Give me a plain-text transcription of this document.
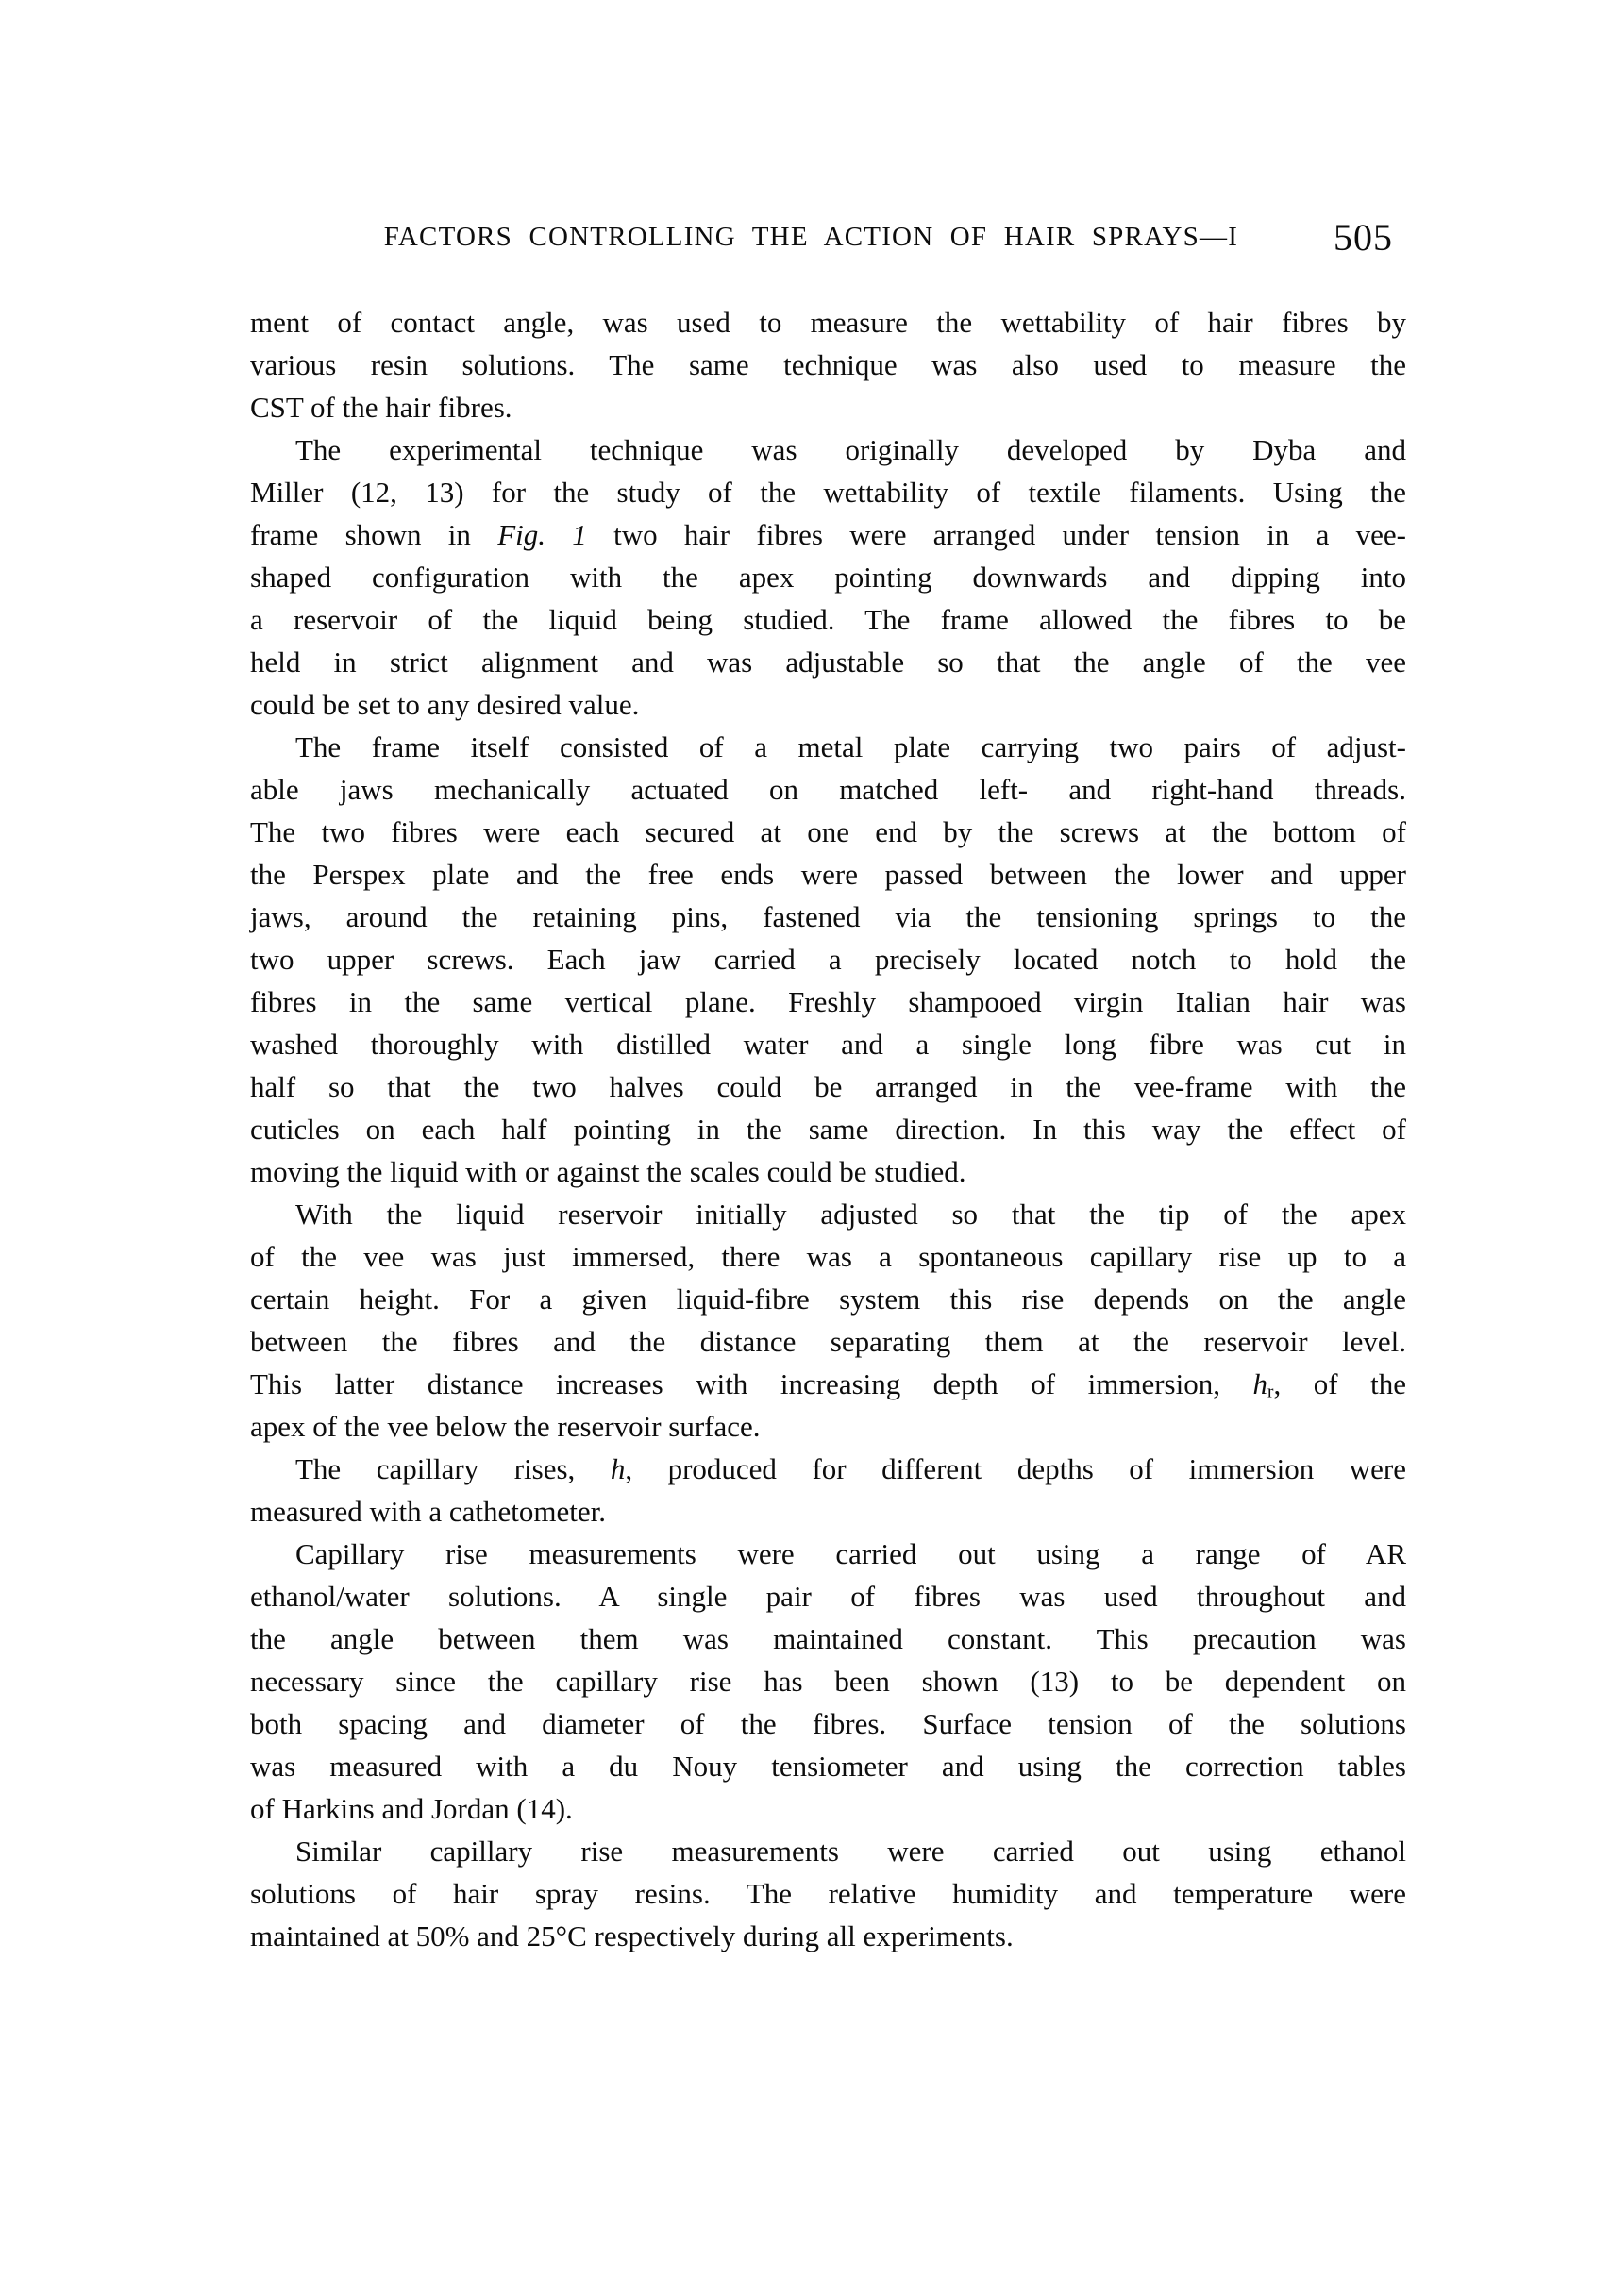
FACTORS CONTROLLING THE ACTION OF HAIR SPRAYS—I	505
ment of contact angle, was used to measure the wettability of hair fibres by
various resin solutions. The same technique was also used to measure the
CST of the hair fibres.
The experimental technique was originally developed by Dyba and
Miller (12, 13) for the study of the wettability of textile filaments. Using the
frame shown in Fig. 1 two hair fibres were arranged under tension in a vee-
shaped configuration with the apex pointing downwards and dipping into
a reservoir of the liquid being studied. The frame allowed the fibres to be
held in strict alignment and was adjustable so that the angle of the vee
could be set to any desired value.
The frame itself consisted of a metal plate carrying two pairs of adjust-
able jaws mechanically actuated on matched left- and right-hand threads.
The two fibres were each secured at one end by the screws at the bottom of
the Perspex plate and the free ends were passed between the lower and upper
jaws, around the retaining pins, fastened via the tensioning springs to the
two upper screws. Each jaw carried a precisely located notch to hold the
fibres in the same vertical plane. Freshly shampooed virgin Italian hair was
washed thoroughly with distilled water and a single long fibre was cut in
half so that the two halves could be arranged in the vee-frame with the
cuticles on each half pointing in the same direction. In this way the effect of
moving the liquid with or against the scales could be studied.
With the liquid reservoir initially adjusted so that the tip of the apex
of the vee was just immersed, there was a spontaneous capillary rise up to a
certain height. For a given liquid-fibre system this rise depends on the angle
between the fibres and the distance separating them at the reservoir level.
This latter distance increases with increasing depth of immersion, $h_r$, of the
apex of the vee below the reservoir surface.
The capillary rises, h, produced for different depths of immersion were
measured with a cathetometer.
Capillary rise measurements were carried out using a range of AR
ethanol/water solutions. A single pair of fibres was used throughout and
the angle between them was maintained constant. This precaution was
necessary since the capillary rise has been shown (13) to be dependent on
both spacing and diameter of the fibres. Surface tension of the solutions
was measured with a du Nouy tensiometer and using the correction tables
of Harkins and Jordan (14).
Similar capillary rise measurements were carried out using ethanol
solutions of hair spray resins. The relative humidity and temperature were
maintained at 50% and 25°C respectively during all experiments.
